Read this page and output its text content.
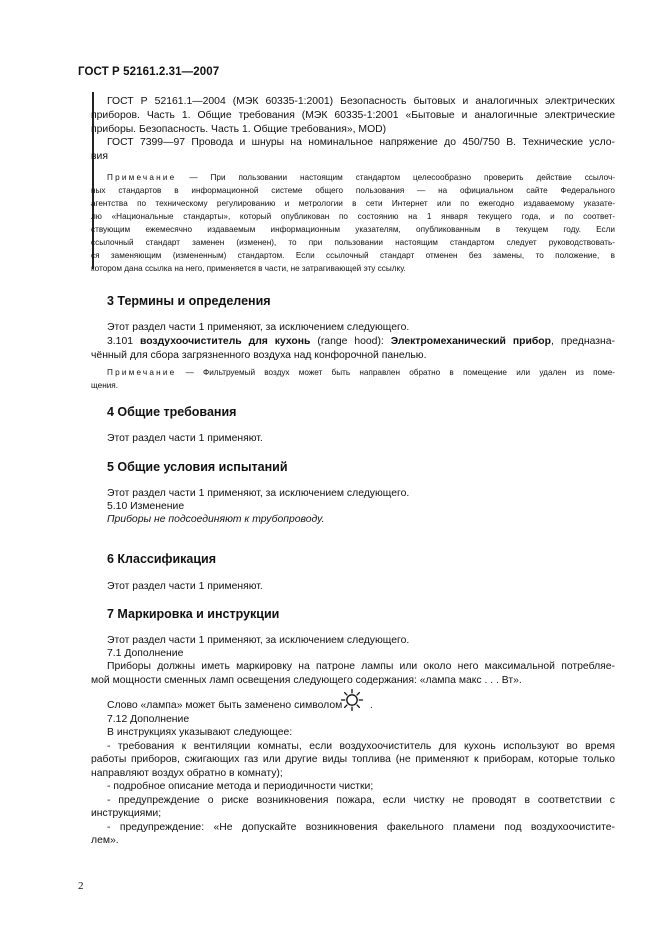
ГОСТ Р 52161.2.31—2007
ГОСТ Р 52161.1—2004 (МЭК 60335-1:2001) Безопасность бытовых и аналогичных электрических
приборов. Часть 1. Общие требования (МЭК 60335-1:2001 «Бытовые и аналогичные электрические
приборы. Безопасность. Часть 1. Общие требования», MOD)
ГОСТ 7399—97 Провода и шнуры на номинальное напряжение до 450/750 В. Технические усло-
вия
Примечание — При пользовании настоящим стандартом целесообразно проверить действие ссылоч-
ных стандартов в информационной системе общего пользования — на официальном сайте Федерального
агентства по техническому регулированию и метрологии в сети Интернет или по ежегодно издаваемому указате-
лю «Национальные стандарты», который опубликован по состоянию на 1 января текущего года, и по соответ-
ствующим ежемесячно издаваемым информационным указателям, опубликованным в текущем году. Если
ссылочный стандарт заменен (изменен), то при пользовании настоящим стандартом следует руководствовать-
ся заменяющим (измененным) стандартом. Если ссылочный стандарт отменен без замены, то положение, в
котором дана ссылка на него, применяется в части, не затрагивающей эту ссылку.
3 Термины и определения
Этот раздел части 1 применяют, за исключением следующего.
3.101 воздухоочиститель для кухонь (range hood): Электромеханический прибор, предназна-
чённый для сбора загрязненного воздуха над конфорочной панелью.
Примечание — Фильтруемый воздух может быть направлен обратно в помещение или удален из поме-
щения.
4 Общие требования
Этот раздел части 1 применяют.
5 Общие условия испытаний
Этот раздел части 1 применяют, за исключением следующего.
5.10 Изменение
Приборы не подсоединяют к трубопроводу.
6 Классификация
Этот раздел части 1 применяют.
7 Маркировка и инструкции
Этот раздел части 1 применяют, за исключением следующего.
7.1 Дополнение
Приборы должны иметь маркировку на патроне лампы или около него максимальной потребляе-
мой мощности сменных ламп освещения следующего содержания: «лампа макс . . . Вт».
Слово «лампа» может быть заменено символом	.
7.12 Дополнение
В инструкциях указывают следующее:
- требования к вентиляции комнаты, если воздухоочиститель для кухонь используют во время
работы приборов, сжигающих газ или другие виды топлива (не применяют к приборам, которые только
направляют воздух обратно в комнату);
- подробное описание метода и периодичности чистки;
- предупреждение о риске возникновения пожара, если чистку не проводят в соответствии с
инструкциями;
- предупреждение: «Не допускайте возникновения факельного пламени под воздухоочистите-
лем».
2
